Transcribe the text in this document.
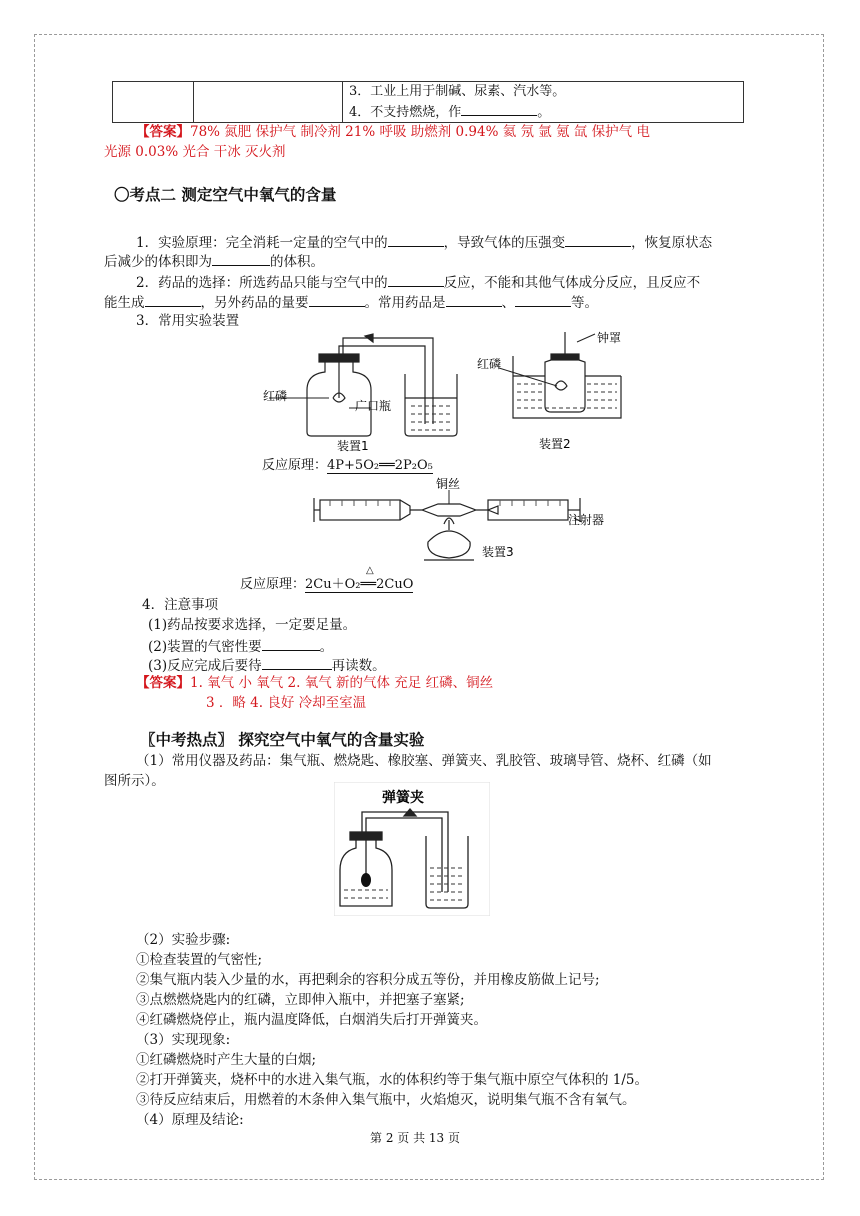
3．工业上用于制碱、尿素、汽水等。
4．不支持燃烧，作	。
【答案】78% 氮肥 保护气 制冷剂 21% 呼吸 助燃剂 0.94% 氦 氖 氩 氪 氙 保护气 电
光源 0.03% 光合 干冰 灭火剂
〇考点二 测定空气中氧气的含量
1．实验原理：完全消耗一定量的空气中的	，导致气体的压强变	，恢复原状态
后减少的体积即为	的体积。
2．药品的选择：所选药品只能与空气中的	反应，不能和其他气体成分反应，且反应不
能生成	，另外药品的量要	。常用药品是	、	等。
3．常用实验装置
红磷
广口瓶
装置1
钟罩
红磷
装置2
反应原理：4P+5O₂══2P₂O₅
铜丝
注射器
装置3
△
反应原理：2Cu＋O₂══2CuO
4．注意事项
(1)药品按要求选择，一定要足量。
(2)装置的气密性要	。
(3)反应完成后要待	再读数。
【答案】1. 氧气 小 氧气 2. 氧气 新的气体 充足 红磷、铜丝
3 ．略 4. 良好 冷却至室温
〖中考热点〗 探究空气中氧气的含量实验
（1）常用仪器及药品：集气瓶、燃烧匙、橡胶塞、弹簧夹、乳胶管、玻璃导管、烧杯、红磷（如
图所示）。
弹簧夹
（2）实验步骤:
①检查装置的气密性;
②集气瓶内装入少量的水，再把剩余的容积分成五等份，并用橡皮筋做上记号;
③点燃燃烧匙内的红磷，立即伸入瓶中，并把塞子塞紧;
④红磷燃烧停止，瓶内温度降低，白烟消失后打开弹簧夹。
（3）实现现象:
①红磷燃烧时产生大量的白烟;
②打开弹簧夹，烧杯中的水进入集气瓶，水的体积约等于集气瓶中原空气体积的 1/5。
③待反应结束后，用燃着的木条伸入集气瓶中，火焰熄灭，说明集气瓶不含有氧气。
（4）原理及结论:
第 2 页 共 13 页
